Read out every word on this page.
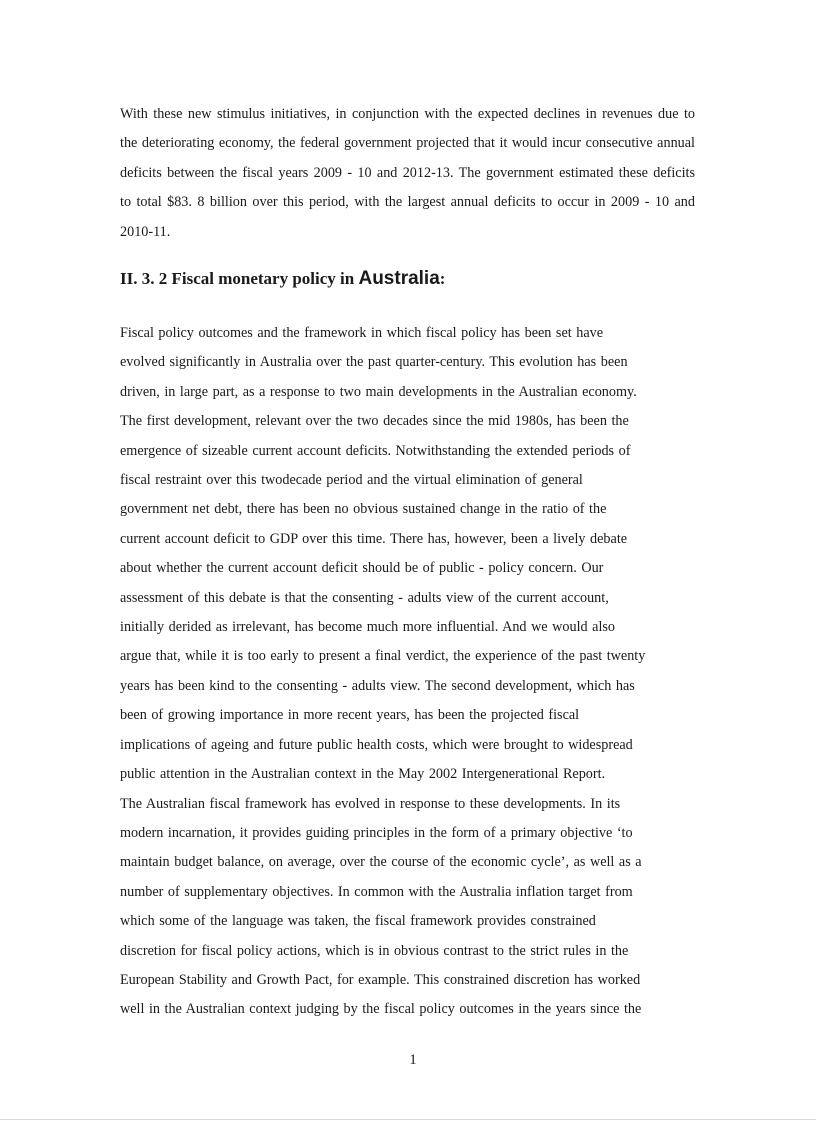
With these new stimulus initiatives, in conjunction with the expected declines in revenues due to the deteriorating economy, the federal government projected that it would incur consecutive annual deficits between the fiscal years 2009 - 10 and 2012-13. The government estimated these deficits to total $83. 8 billion over this period, with the largest annual deficits to occur in 2009 - 10 and 2010-11.
II. 3. 2 Fiscal monetary policy in Australia:
Fiscal policy outcomes and the framework in which fiscal policy has been set have
evolved significantly in Australia over the past quarter-century. This evolution has been
driven, in large part, as a response to two main developments in the Australian economy.
The first development, relevant over the two decades since the mid 1980s, has been the
emergence of sizeable current account deficits. Notwithstanding the extended periods of
fiscal restraint over this twodecade period and the virtual elimination of general
government net debt, there has been no obvious sustained change in the ratio of the
current account deficit to GDP over this time. There has, however, been a lively debate
about whether the current account deficit should be of public - policy concern. Our
assessment of this debate is that the consenting - adults view of the current account,
initially derided as irrelevant, has become much more influential. And we would also
argue that, while it is too early to present a final verdict, the experience of the past twenty
years has been kind to the consenting - adults view. The second development, which has
been of growing importance in more recent years, has been the projected fiscal
implications of ageing and future public health costs, which were brought to widespread
public attention in the Australian context in the May 2002 Intergenerational Report.
The Australian fiscal framework has evolved in response to these developments. In its
modern incarnation, it provides guiding principles in the form of a primary objective ‘to
maintain budget balance, on average, over the course of the economic cycle’, as well as a
number of supplementary objectives. In common with the Australia inflation target from
which some of the language was taken, the fiscal framework provides constrained
discretion for fiscal policy actions, which is in obvious contrast to the strict rules in the
European Stability and Growth Pact, for example. This constrained discretion has worked
well in the Australian context judging by the fiscal policy outcomes in the years since the
1
